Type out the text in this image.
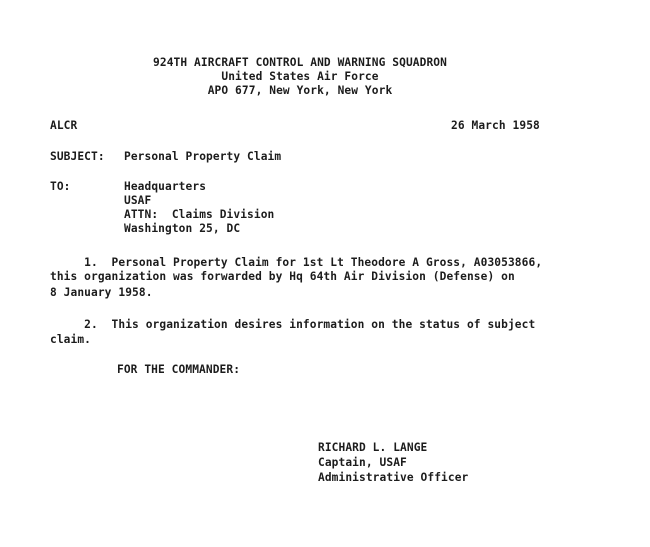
924TH AIRCRAFT CONTROL AND WARNING SQUADRON
United States Air Force
APO 677, New York, New York
ALCR	26 March 1958
SUBJECT: Personal Property Claim
TO:	Headquarters
USAF
ATTN:  Claims Division
Washington 25, DC
1.  Personal Property Claim for 1st Lt Theodore A Gross, A03053866,
this organization was forwarded by Hq 64th Air Division (Defense) on
8 January 1958.
2.  This organization desires information on the status of subject
claim.
FOR THE COMMANDER:
RICHARD L. LANGE
Captain, USAF
Administrative Officer
